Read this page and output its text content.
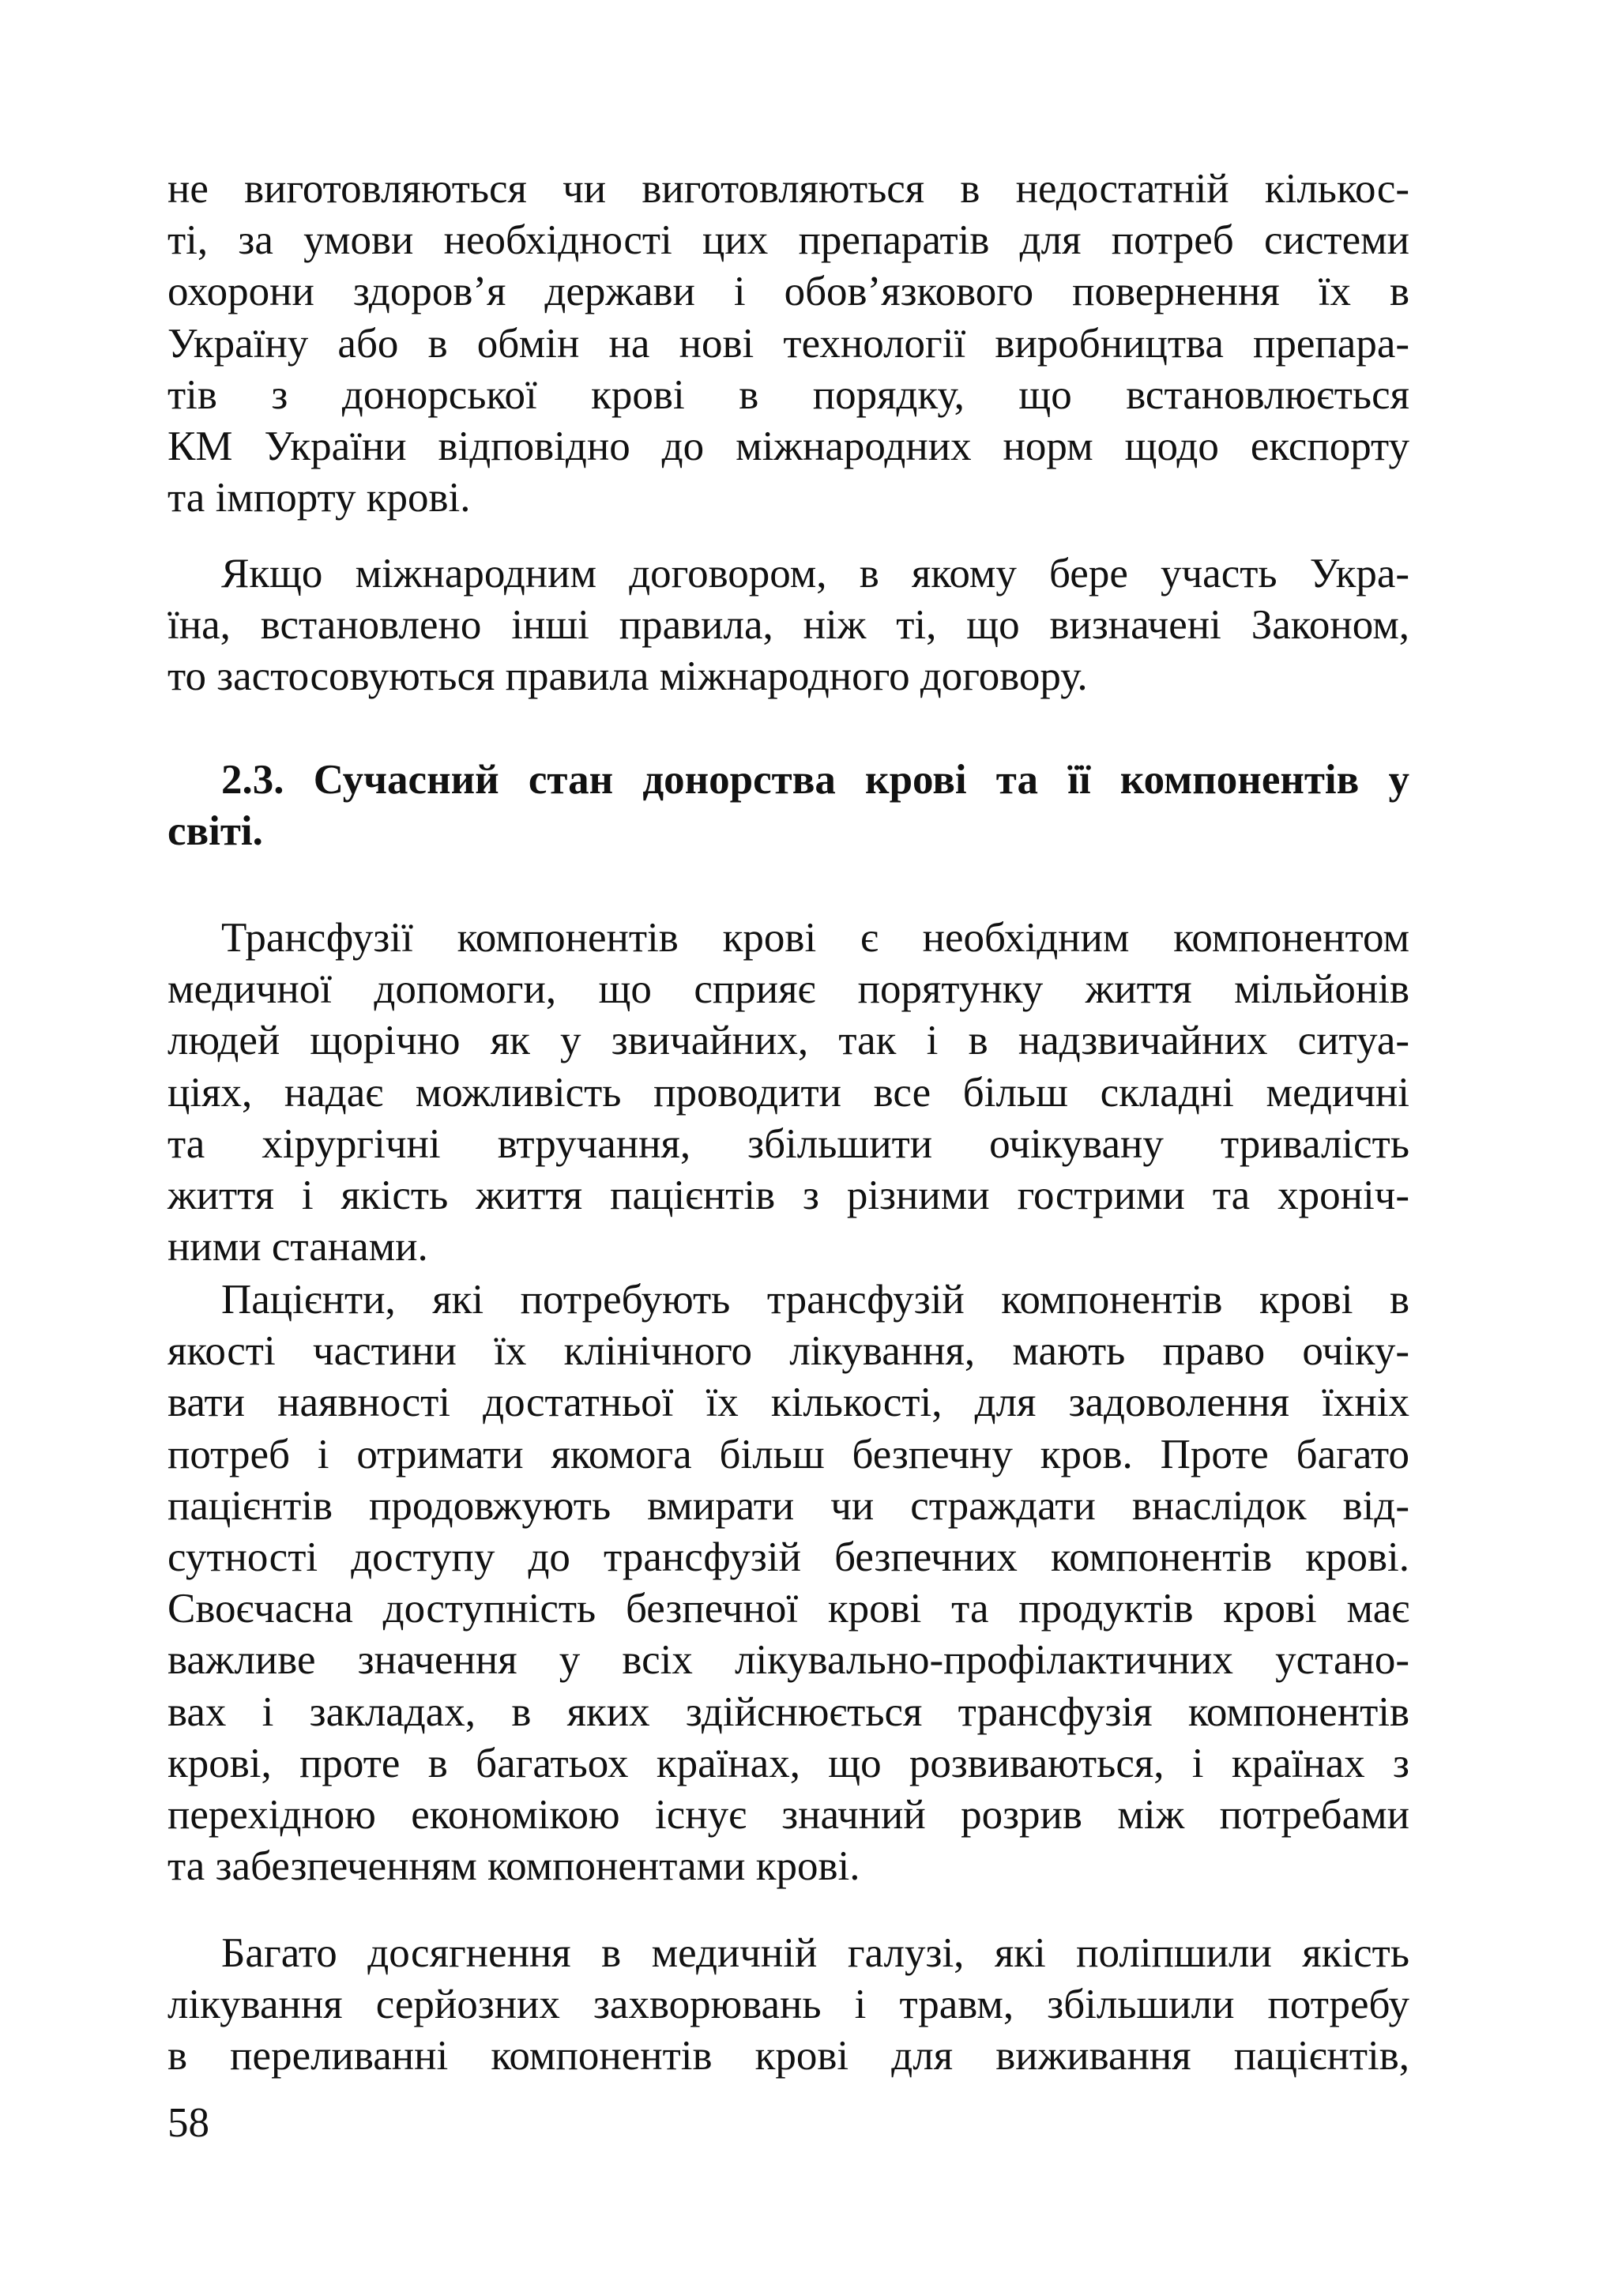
не виготовляються чи виготовляються в недостатній кількос-
ті, за умови необхідності цих препаратів для потреб системи
охорони здоров’я держави і обов’язкового повернення їх в
Україну або в обмін на нові технології виробництва препара-
тів з донорської крові в порядку, що встановлюється
КМ України відповідно до міжнародних норм щодо експорту
та імпорту крові.
Якщо міжнародним договором, в якому бере участь Укра-
їна, встановлено інші правила, ніж ті, що визначені Законом,
то застосовуються правила міжнародного договору.
2.3. Сучасний стан донорства крові та її компонентів у
світі.
Трансфузії компонентів крові є необхідним компонентом
медичної допомоги, що сприяє порятунку життя мільйонів
людей щорічно як у звичайних, так і в надзвичайних ситуа-
ціях, надає можливість проводити все більш складні медичні
та хірургічні втручання, збільшити очікувану тривалість
життя і якість життя пацієнтів з різними гострими та хроніч-
ними станами.
Пацієнти, які потребують трансфузій компонентів крові в
якості частини їх клінічного лікування, мають право очіку-
вати наявності достатньої їх кількості, для задоволення їхніх
потреб і отримати якомога більш безпечну кров. Проте багато
пацієнтів продовжують вмирати чи страждати внаслідок від-
сутності доступу до трансфузій безпечних компонентів крові.
Своєчасна доступність безпечної крові та продуктів крові має
важливе значення у всіх лікувально-профілактичних устано-
вах і закладах, в яких здійснюється трансфузія компонентів
крові, проте в багатьох країнах, що розвиваються, і країнах з
перехідною економікою існує значний розрив між потребами
та забезпеченням компонентами крові.
Багато досягнення в медичній галузі, які поліпшили якість
лікування серйозних захворювань і травм, збільшили потребу
в переливанні компонентів крові для виживання пацієнтів,
58
